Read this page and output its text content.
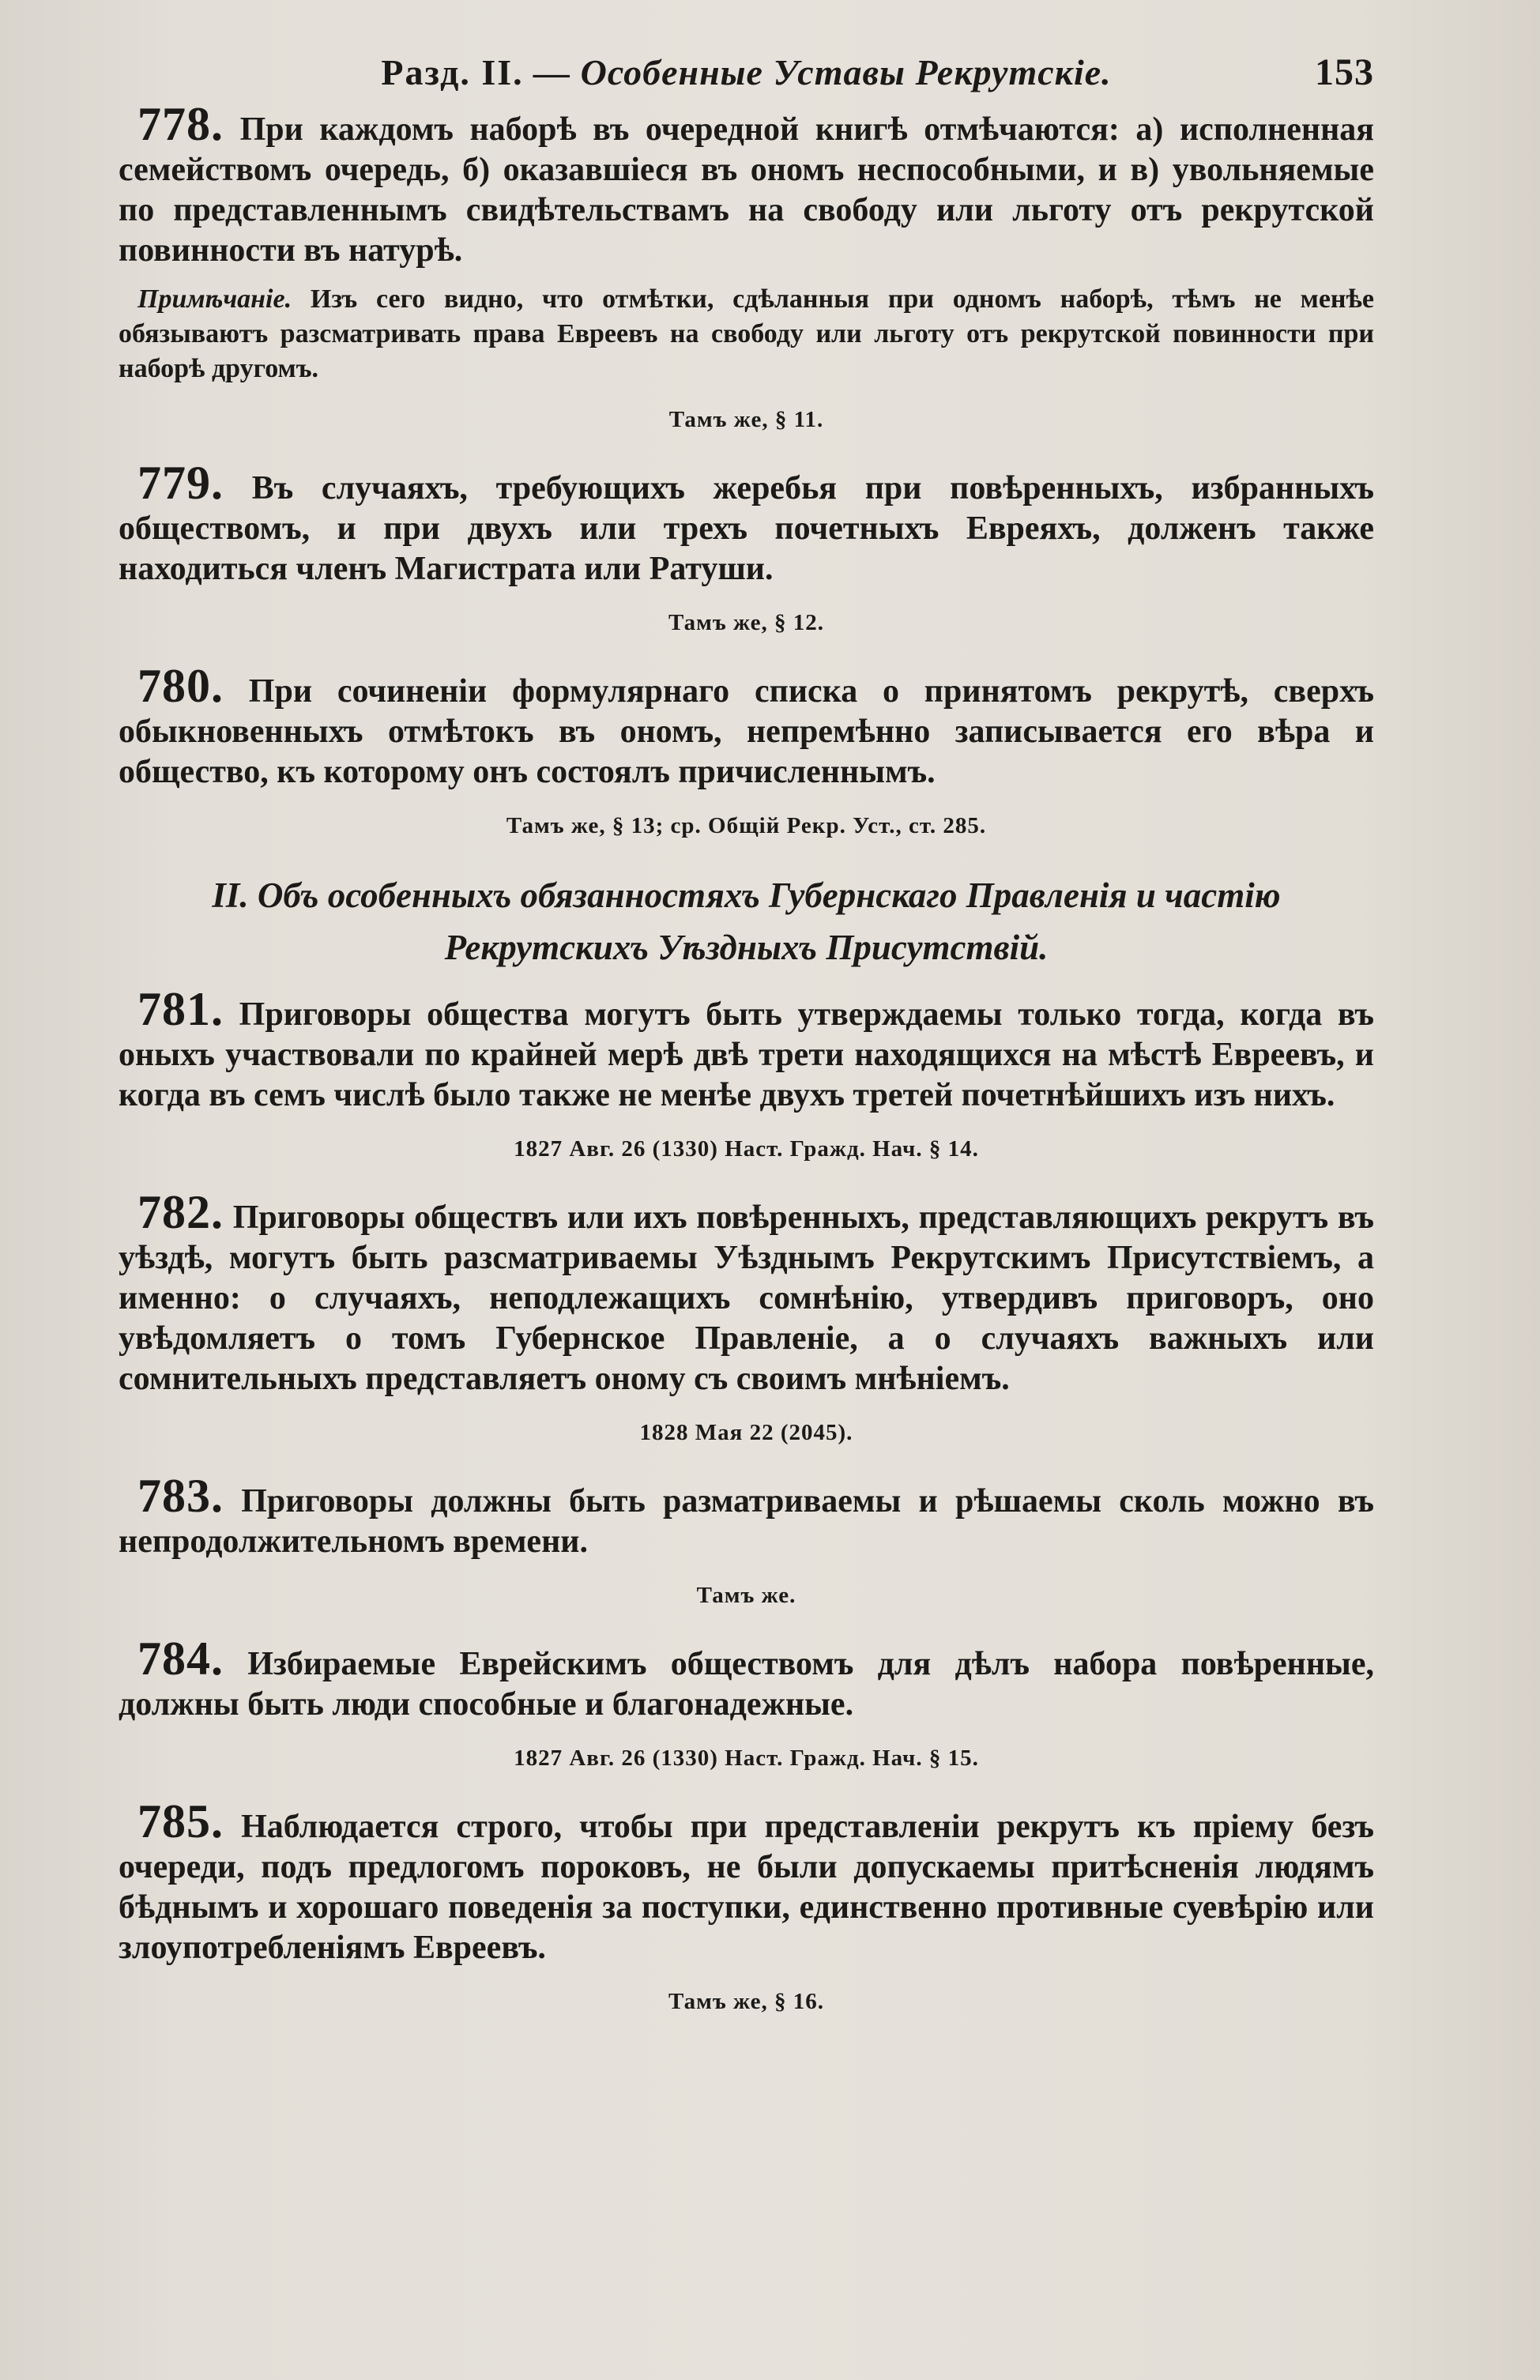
Разд. II. — Особенные Уставы Рекрутскіе.	153

778. При каждомъ наборѣ въ очередной книгѣ отмѣчаются: а) исполненная семействомъ очередь, б) оказавшіеся въ ономъ неспособными, и в) увольняемые по представленнымъ свидѣтельствамъ на свободу или льготу отъ рекрутской повинности въ натурѣ.

Примѣчаніе. Изъ сего видно, что отмѣтки, сдѣланныя при одномъ наборѣ, тѣмъ не менѣе обязываютъ разсматривать права Евреевъ на свободу или льготу отъ рекрутской повинности при наборѣ другомъ.

Тамъ же, § 11.

779. Въ случаяхъ, требующихъ жеребья при повѣренныхъ, избранныхъ обществомъ, и при двухъ или трехъ почетныхъ Евреяхъ, долженъ также находиться членъ Магистрата или Ратуши.

Тамъ же, § 12.

780. При сочиненіи формулярнаго списка о принятомъ рекрутѣ, сверхъ обыкновенныхъ отмѣтокъ въ ономъ, непремѣнно записывается его вѣра и общество, къ которому онъ состоялъ причисленнымъ.

Тамъ же, § 13; ср. Общій Рекр. Уст., ст. 285.
II. Объ особенныхъ обязанностяхъ Губернскаго Правленія и частію
Рекрутскихъ Уѣздныхъ Присутствій.

781. Приговоры общества могутъ быть утверждаемы только тогда, когда въ оныхъ участвовали по крайней мерѣ двѣ трети находящихся на мѣстѣ Евреевъ, и когда въ семъ числѣ было также не менѣе двухъ третей почетнѣйшихъ изъ нихъ.

1827 Авг. 26 (1330) Наст. Гражд. Нач. § 14.

782. Приговоры обществъ или ихъ повѣренныхъ, представляющихъ рекрутъ въ уѣздѣ, могутъ быть разсматриваемы Уѣзднымъ Рекрутскимъ Присутствіемъ, а именно: о случаяхъ, неподлежащихъ сомнѣнію, утвердивъ приговоръ, оно увѣдомляетъ о томъ Губернское Правленіе, а о случаяхъ важныхъ или сомнительныхъ представляетъ оному съ своимъ мнѣніемъ.

1828 Мая 22 (2045).

783. Приговоры должны быть разматриваемы и рѣшаемы сколь можно въ непродолжительномъ времени.

Тамъ же.

784. Избираемые Еврейскимъ обществомъ для дѣлъ набора повѣренные, должны быть люди способные и благонадежные.

1827 Авг. 26 (1330) Наст. Гражд. Нач. § 15.

785. Наблюдается строго, чтобы при представленіи рекрутъ къ пріему безъ очереди, подъ предлогомъ пороковъ, не были допускаемы притѣсненія людямъ бѣднымъ и хорошаго поведенія за поступки, единственно противные суевѣрію или злоупотребленіямъ Евреевъ.

Тамъ же, § 16.
